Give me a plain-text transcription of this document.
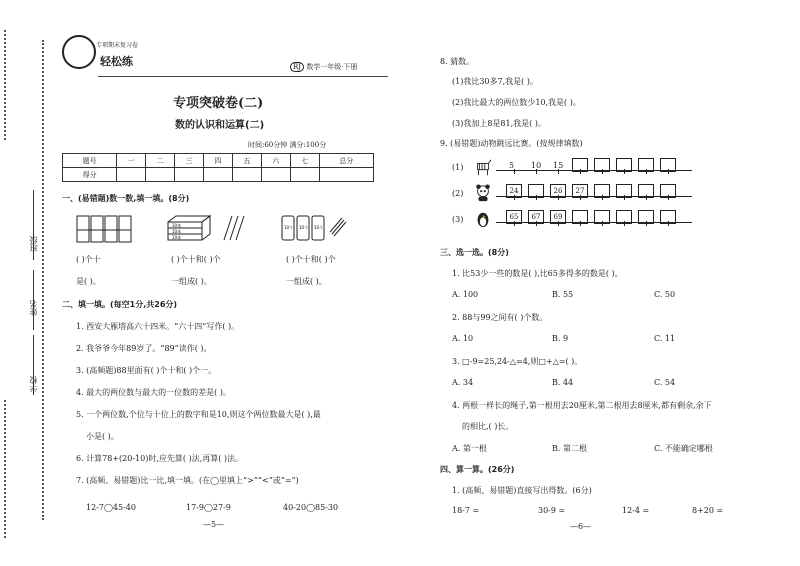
班级
姓名
学校
专项期末复习卷
轻松练	RJ 数学一年级·下册
专项突破卷(二)
数的认识和运算(二)
时间:60分钟 满分:100分
题号	一	二	三	四	五	六	七	总分
得分								
一、(易错题)数一数,填一填。(8分)
10本
10本
10本
10个 10个 10个
( )个十	( )个十和( )个	( )个十和( )个
是( )。	一组成( )。	一组成( )。
二、填一填。(每空1分,共26分)
1. 西安大雁塔高六十四米。“六十四”写作( )。
2. 我爷爷今年89岁了。“89”读作( )。
3. (高频题)88里面有( )个十和( )个一。
4. 最大的两位数与最大的一位数的差是( )。
5. 一个两位数,个位与十位上的数字和是10,则这个两位数最大是( ),最
小是( )。
6. 计算78+(20-10)时,应先算( )法,再算( )法。
7. (高频、易错题)比一比,填一填。(在◯里填上“>”“<”或“=”)
12-7◯45-40	17-9◯27-9	40-20◯85-30
—5—
8. 猜数。
(1)我比30多7,我是( )。
(2)我比最大的两位数少10,我是( )。
(3)我加上8是81,我是( )。
9. (易错题)动物跳远比赛。(按规律填数)
(1)
(2)
(3)
三、选一选。(8分)
1. 比53少一些的数是( ),比65多得多的数是( )。
A. 100	B. 55	C. 50
2. 88与99之间有( )个数。
A. 10	B. 9	C. 11
3. □-9=25,24-△=4,则□+△=( )。
A. 34	B. 44	C. 54
4. 两根一样长的绳子,第一根用去20厘米,第二根用去8厘米,都有剩余,余下
的相比,( )长。
A. 第一根	B. 第二根	C. 不能确定哪根
四、算一算。(26分)
1. (高频、易错题)直接写出得数。(6分)
18-7 =	30-9 =	12-4 =	8+20 =
—6—
5 10 15
24	26	27
65	67	69
